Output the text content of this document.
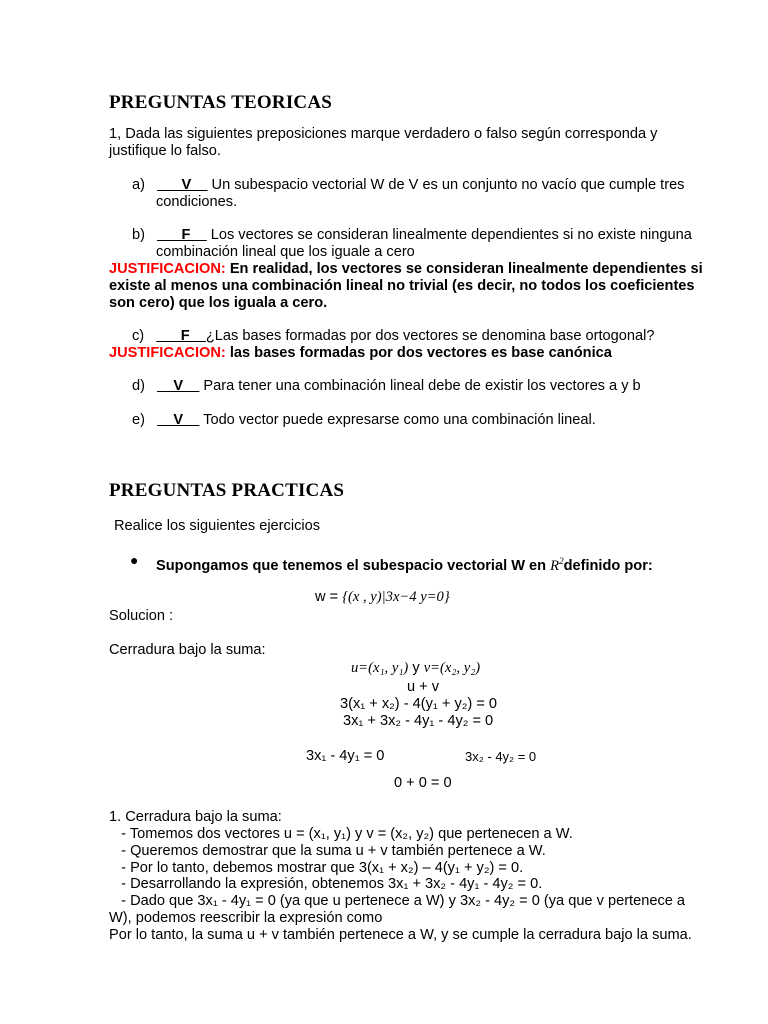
PREGUNTAS TEORICAS
1, Dada las siguientes preposiciones marque verdadero o falso según corresponda y
justifique lo falso.
a) ___V__ Un subespacio vectorial W de V es un conjunto no vacío que cumple tres
condiciones.
b) ___F__ Los vectores se consideran linealmente dependientes si no existe ninguna
combinación lineal que los iguale a cero
JUSTIFICACION: En realidad, los vectores se consideran linealmente dependientes si
existe al menos una combinación lineal no trivial (es decir, no todos los coeficientes
son cero) que los iguala a cero.
c) ___F__¿Las bases formadas por dos vectores se denomina base ortogonal?
JUSTIFICACION: las bases formadas por dos vectores es base canónica
d) __V__ Para tener una combinación lineal debe de existir los vectores a y b
e) __V__ Todo vector puede expresarse como una combinación lineal.
PREGUNTAS PRACTICAS
Realice los siguientes ejercicios
● Supongamos que tenemos el subespacio vectorial W en $R^2definido$ por:
w = {(x , y)|3x−4 y=0}
Solucion :
Cerradura bajo la suma:
u=(x₁, y₁) y v=(x₂, y₂)
u + v
3(x₁ + x₂) - 4(y₁ + y₂) = 0
3x₁ + 3x₂ - 4y₁ - 4y₂ = 0
3x₁ - 4y₁ = 0	3x₂ - 4y₂ = 0
0 + 0 = 0
1. Cerradura bajo la suma:
- Tomemos dos vectores u = (x₁, y₁) y v = (x₂, y₂) que pertenecen a W.
- Queremos demostrar que la suma u + v también pertenece a W.
- Por lo tanto, debemos mostrar que 3(x₁ + x₂) – 4(y₁ + y₂) = 0.
- Desarrollando la expresión, obtenemos 3x₁ + 3x₂ - 4y₁ - 4y₂ = 0.
- Dado que 3x₁ - 4y₁ = 0 (ya que u pertenece a W) y 3x₂ - 4y₂ = 0 (ya que v pertenece a
W), podemos reescribir la expresión como
Por lo tanto, la suma u + v también pertenece a W, y se cumple la cerradura bajo la suma.
